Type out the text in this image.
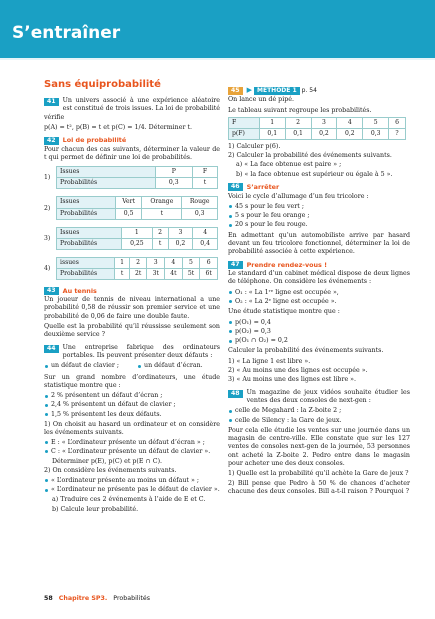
S’entraîner
Sans équiprobabilité

41	Un univers associé à une expérience aléatoire est constitué de trois issues. La loi de probabilité vérifie

p(A) = t², p(B) = t et p(C) = 1/4. Déterminer t.

42	Loi de probabilité

Pour chacun des cas suivants, déterminer la valeur de t qui permet de définir une loi de probabilités.

1)
Issues	P	F
Probabilités	0,3	t
2)
Issues	Vert	Orange	Rouge
Probabilités	0,5	t	0,3
3)
Issues	1	2	3	4
Probabilités	0,25	t	0,2	0,4
4)
issues	1	2	3	4	5	6
Probabilités	t	2t	3t	4t	5t	6t
43	Au tennis

Un joueur de tennis de niveau international a une probabilité 0,58 de réussir son premier service et une probabilité de 0,06 de faire une double faute.

Quelle est la probabilité qu’il réussisse seulement son deuxième service ?

44	Une entreprise fabrique des ordinateurs portables. Ils peuvent présenter deux défauts :

un défaut de clavier ;	un défaut d’écran.

Sur un grand nombre d’ordinateurs, une étude statistique montre que :

2 % présentent un défaut d’écran ;
2,4 % présentent un défaut de clavier ;
1,5 % présentent les deux défauts.

1) On choisit au hasard un ordinateur et on considère les événements suivants.

E : « L’ordinateur présente un défaut d’écran » ;
C : « L’ordinateur présente un défaut de clavier ».

Déterminer p(E), p(C) et p(E ∩ C).

2) On considère les événements suivants.

« L’ordinateur présente au moins un défaut » ;
« L’ordinateur ne présente pas le défaut de clavier ».

a) Traduire ces 2 événements à l’aide de E et C.

b) Calcule leur probabilité.

45	▶ MÉTHODE 1 p. 54

On lance un dé pipé.

Le tableau suivant regroupe les probabilités.

F	1	2	3	4	5	6
p(F)	0,1	0,1	0,2	0,2	0,3	?

1) Calculer p(6).

2) Calculer la probabilité des événements suivants.

a) « La face obtenue est paire » ;

b) « la face obtenue est supérieur ou égale à 5 ».

46	S’arrêter

Voici le cycle d’allumage d’un feu tricolore :

45 s pour le feu vert ;
5 s pour le feu orange ;
20 s pour le feu rouge.

En admettant qu’un automobiliste arrive par hasard devant un feu tricolore fonctionnel, déterminer la loi de probabilité associée à cette expérience.

47	Prendre rendez-vous !

Le standard d’un cabinet médical dispose de deux lignes de téléphone. On considère les événements :

O₁ : « La 1ʳᵉ ligne est occupée »,
O₂ : « La 2ᵉ ligne est occupée ».

Une étude statistique montre que :

p(O₁) = 0,4
p(O₂) = 0,3
p(O₁ ∩ O₂) = 0,2

Calculer la probabilité des événements suivants.

1) « La ligne 1 est libre ».

2) « Au moins une des lignes est occupée ».

3) « Au moins une des lignes est libre ».

48	Un magazine de jeux vidéos souhaite étudier les ventes des deux consoles de next-gen :

celle de Megahard : la Z-boite 2 ;
celle de Silency : la Gare de jeux.

Pour cela elle étudie les ventes sur une journée dans un magasin de centre-ville. Elle constate que sur les 127 ventes de consoles next-gen de la journée, 53 personnes ont acheté la Z-boite 2. Pedro entre dans le magasin pour acheter une des deux consoles.

1) Quelle est la probabilité qu’il achète la Gare de jeux ?

2) Bill pense que Pedro à 50 % de chances d’acheter chacune des deux consoles. Bill a-t-il raison ? Pourquoi ?

58 Chapitre SP3. Probabilités
